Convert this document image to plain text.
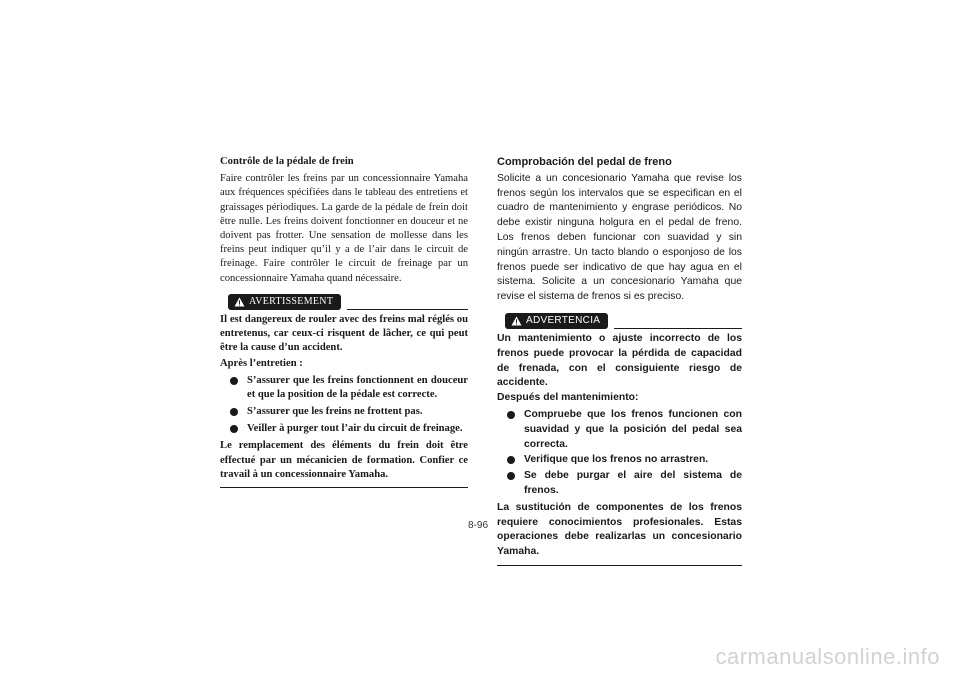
Contrôle de la pédale de frein

Faire contrôler les freins par un concessionnaire Yamaha aux fréquences spécifiées dans le tableau des entretiens et graissages périodiques. La garde de la pédale de frein doit être nulle. Les freins doivent fonctionner en douceur et ne doivent pas frotter. Une sensation de mollesse dans les freins peut indiquer qu’il y a de l’air dans le circuit de freinage. Faire contrôler le circuit de freinage par un concessionnaire Yamaha quand nécessaire.

AVERTISSEMENT

Il est dangereux de rouler avec des freins mal réglés ou entretenus, car ceux-ci risquent de lâcher, ce qui peut être la cause d’un accident.

Après l’entretien :

S’assurer que les freins fonctionnent en douceur et que la position de la pédale est correcte.
S’assurer que les freins ne frottent pas.
Veiller à purger tout l’air du circuit de freinage.

Le remplacement des éléments du frein doit être effectué par un mécanicien de formation. Confier ce travail à un concessionnaire Yamaha.

Comprobación del pedal de freno

Solicite a un concesionario Yamaha que revise los frenos según los intervalos que se especifican en el cuadro de mantenimiento y engrase periódicos. No debe existir ninguna holgura en el pedal de freno. Los frenos deben funcionar con suavidad y sin ningún arrastre. Un tacto blando o esponjoso de los frenos puede ser indicativo de que hay agua en el sistema. Solicite a un concesionario Yamaha que revise el sistema de frenos si es preciso.

ADVERTENCIA

Un mantenimiento o ajuste incorrecto de los frenos puede provocar la pérdida de capacidad de frenada, con el consiguiente riesgo de accidente.

Después del mantenimiento:

Compruebe que los frenos funcionen con suavidad y que la posición del pedal sea correcta.
Verifique que los frenos no arrastren.
Se debe purgar el aire del sistema de frenos.

La sustitución de componentes de los frenos requiere conocimientos profesionales. Estas operaciones debe realizarlas un concesionario Yamaha.

8-96
carmanualsonline.info
